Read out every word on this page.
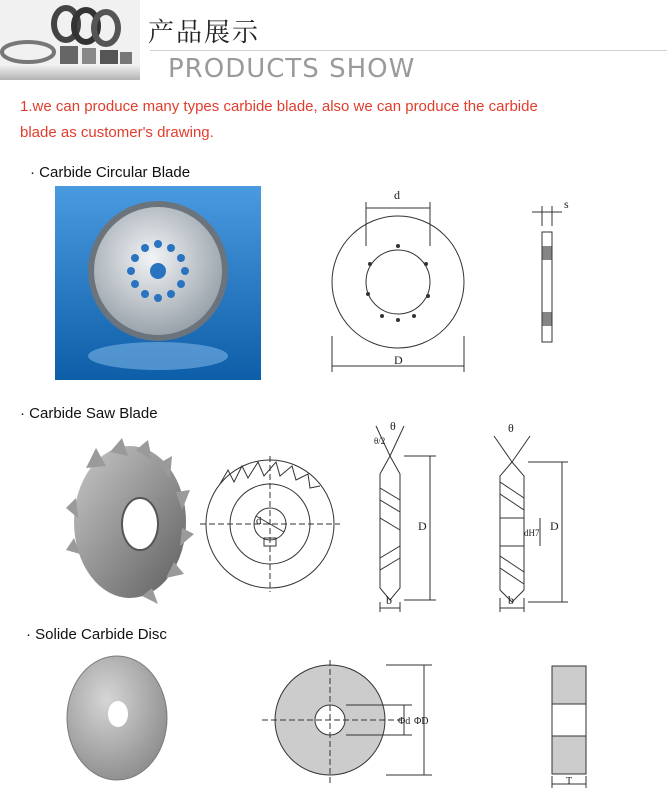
产品展示
PRODUCTS SHOW
1.we can produce many types carbide blade, also we can produce the carbide
blade as customer's drawing.
· Carbide Circular Blade
d
D
s
· Carbide Saw Blade
d
θ
θ/2
D
b
θ
dH7 D
b
· Solide Carbide Disc
Φd ΦD
T
